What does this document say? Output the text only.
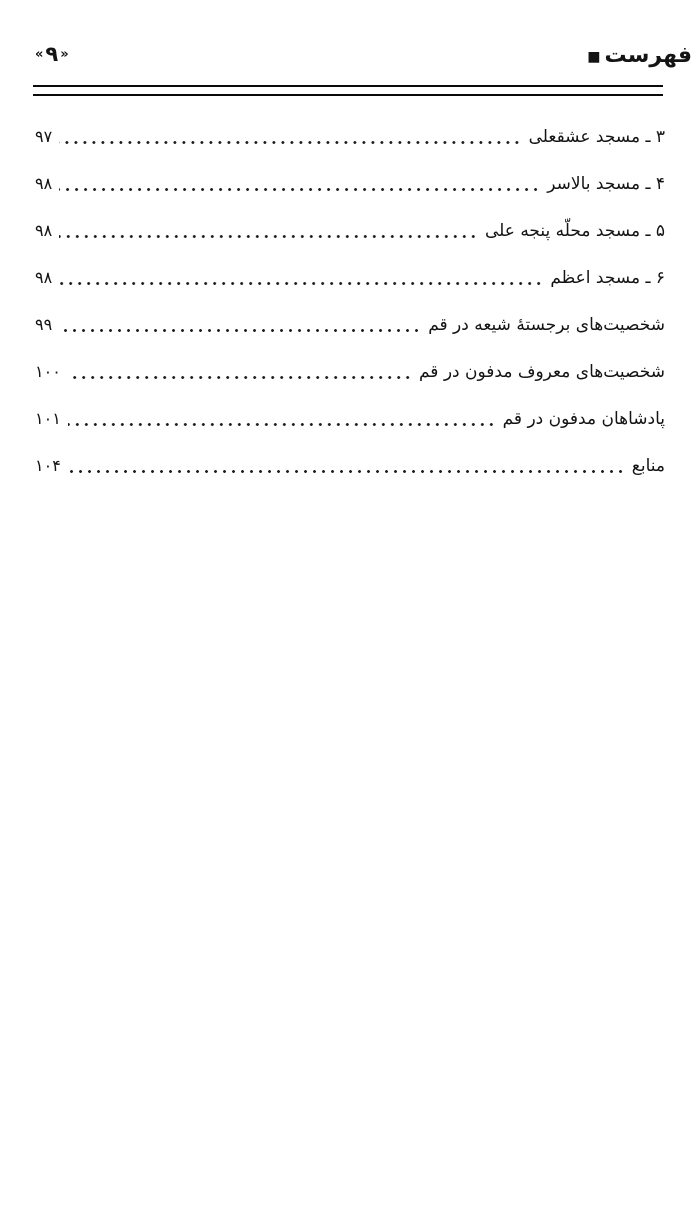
«۹ »	■ فهرست
۳ ـ مسجد عشقعلی
۹۷
۴ ـ مسجد بالاسر
۹۸
۵ ـ مسجد محلّه پنجه علی
۹۸
۶ ـ مسجد اعظم
۹۸
شخصیت‌های برجستهٔ شیعه در قم
۹۹
شخصیت‌های معروف مدفون در قم
۱۰۰
پادشاهان مدفون در قم
۱۰۱
منابع
۱۰۴
